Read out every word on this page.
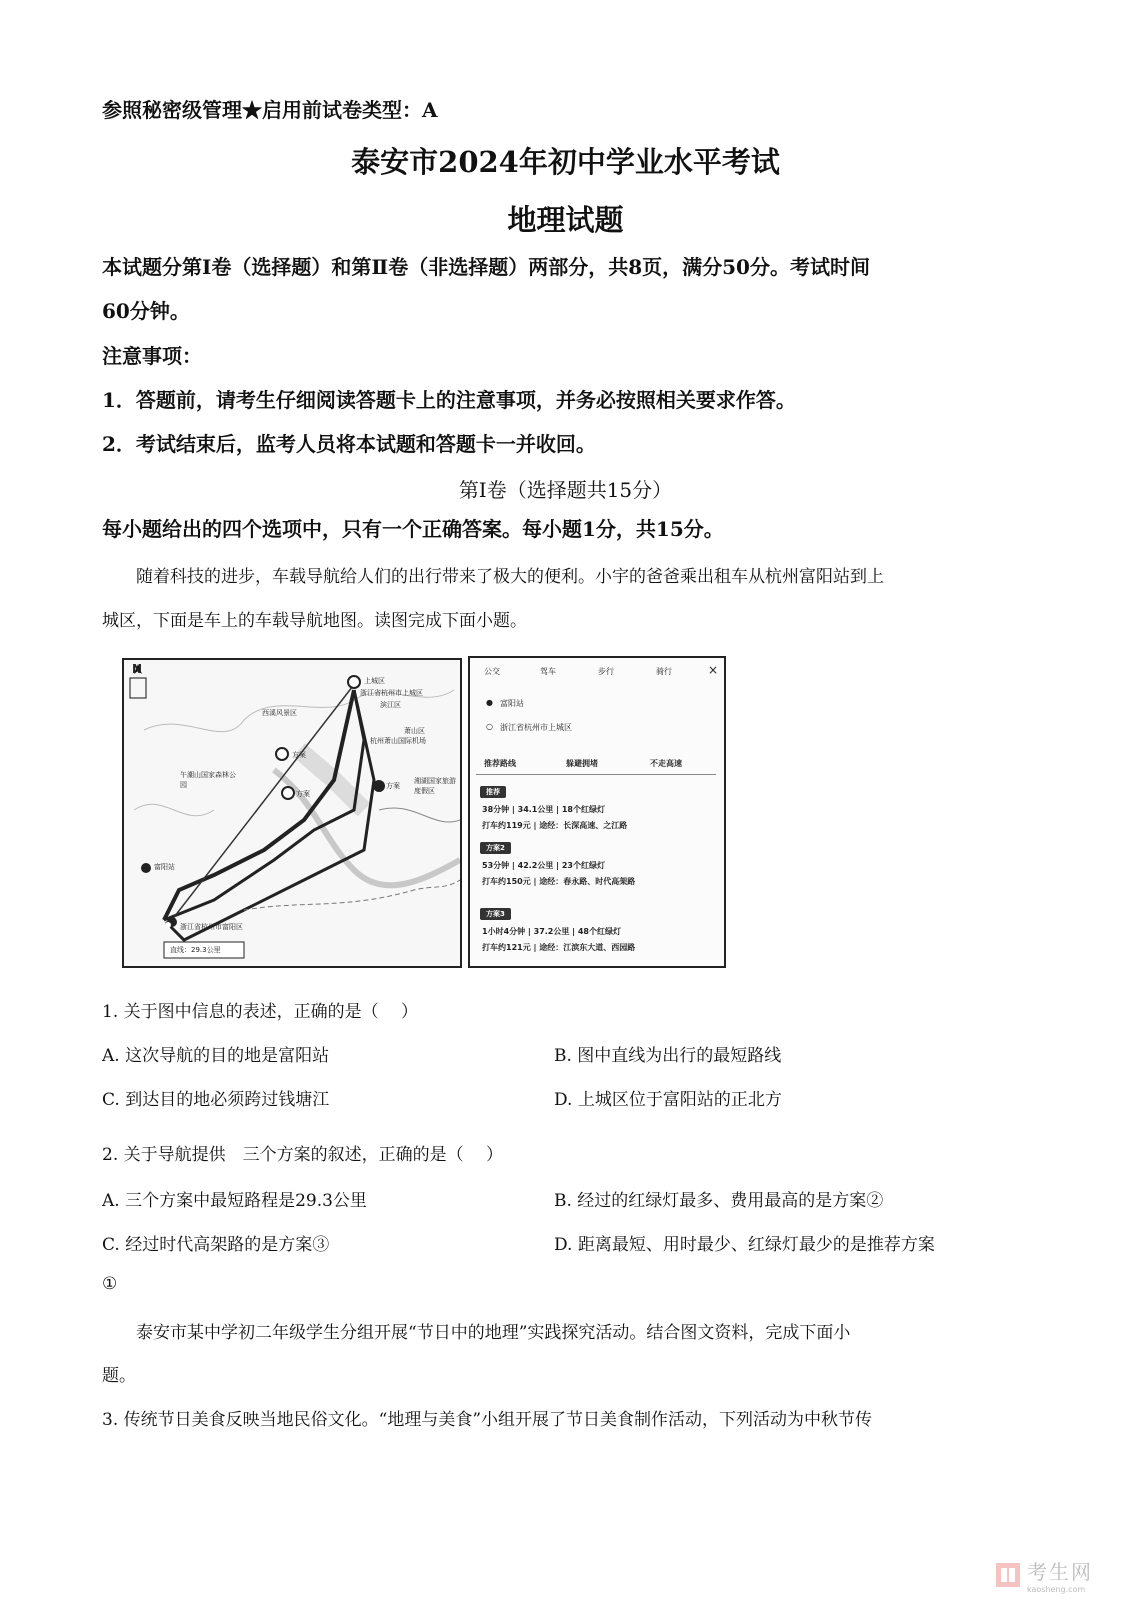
参照秘密级管理★启用前试卷类型：A
泰安市2024年初中学业水平考试
地理试题
本试题分第Ⅰ卷（选择题）和第Ⅱ卷（非选择题）两部分，共8页，满分50分。考试时间
60分钟。
注意事项：
1．答题前，请考生仔细阅读答题卡上的注意事项，并务必按照相关要求作答。
2．考试结束后，监考人员将本试题和答题卡一并收回。
第Ⅰ卷（选择题共15分）
每小题给出的四个选项中，只有一个正确答案。每小题1分，共15分。
随着科技的进步，车载导航给人们的出行带来了极大的便利。小宇的爸爸乘出租车从杭州富阳站到上
城区，下面是车上的车载导航地图。读图完成下面小题。
N
上城区
浙江省杭州市上城区
滨江区
西溪风景区
萧山区
午潮山国家森林公园
方案
方案
方案
湘湖国家旅游度假区
杭州萧山国际机场
富阳站
浙江省杭州市富阳区
直线：29.3公里
公交	驾车	步行	骑行	×
● 富阳站
○ 浙江省杭州市上城区
推荐路线	躲避拥堵	不走高速
推荐
38分钟 | 34.1公里 | 18个红绿灯
打车约119元 | 途经：长深高速、之江路
方案2
53分钟 | 42.2公里 | 23个红绿灯
打车约150元 | 途经：春永路、时代高架路
方案3
1小时4分钟 | 37.2公里 | 48个红绿灯
打车约121元 | 途经：江滨东大道、西园路
1. 关于图中信息的表述，正确的是（　 ）
A. 这次导航的目的地是富阳站	B. 图中直线为出行的最短路线
C. 到达目的地必须跨过钱塘江	D. 上城区位于富阳站的正北方
2. 关于导航提供　三个方案的叙述，正确的是（　 ）
A. 三个方案中最短路程是29.3公里	B. 经过的红绿灯最多、费用最高的是方案②
C. 经过时代高架路的是方案③	D. 距离最短、用时最少、红绿灯最少的是推荐方案
①
泰安市某中学初二年级学生分组开展“节日中的地理”实践探究活动。结合图文资料，完成下面小
题。
3. 传统节日美食反映当地民俗文化。“地理与美食”小组开展了节日美食制作活动，下列活动为中秋节传
考生网
kaosheng.com
